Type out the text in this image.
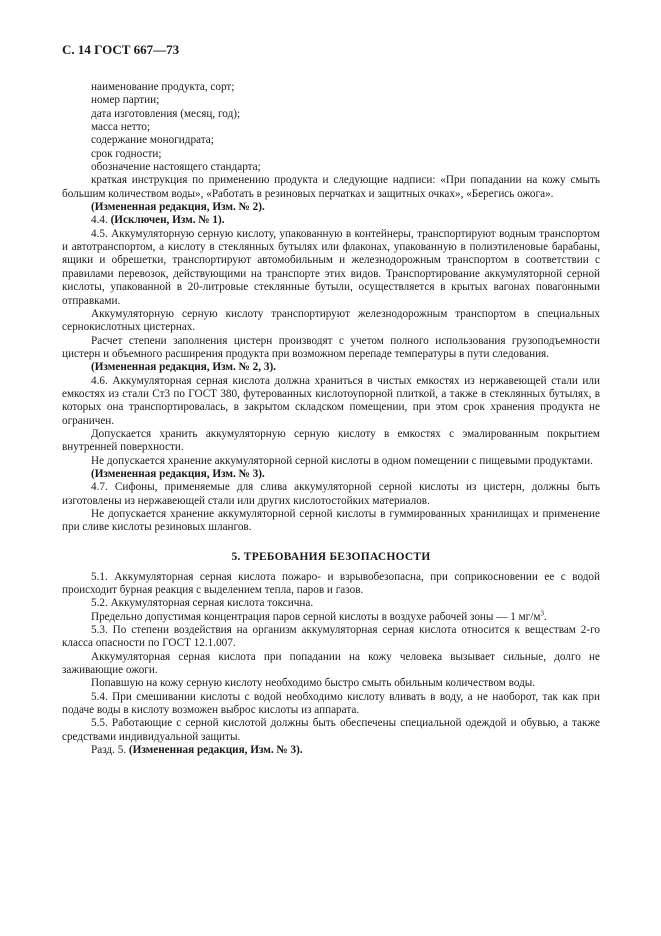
С. 14 ГОСТ 667—73

наименование продукта, сорт;

номер партии;

дата изготовления (месяц, год);

масса нетто;

содержание моногидрата;

срок годности;

обозначение настоящего стандарта;

краткая инструкция по применению продукта и следующие надписи: «При попадании на кожу смыть большим количеством воды», «Работать в резиновых перчатках и защитных очках», «Берегись ожога».

(Измененная редакция, Изм. № 2).

4.4. (Исключен, Изм. № 1).

4.5. Аккумуляторную серную кислоту, упакованную в контейнеры, транспортируют водным транспортом и автотранспортом, а кислоту в стеклянных бутылях или флаконах, упакованную в полиэтиленовые барабаны, ящики и обрешетки, транспортируют автомобильным и железнодорожным транспортом в соответствии с правилами перевозок, действующими на транспорте этих видов. Транспортирование аккумуляторной серной кислоты, упакованной в 20-литровые стеклянные бутыли, осуществляется в крытых вагонах повагонными отправками.

Аккумуляторную серную кислоту транспортируют железнодорожным транспортом в специальных сернокислотных цистернах.

Расчет степени заполнения цистерн производят с учетом полного использования грузоподъемности цистерн и объемного расширения продукта при возможном перепаде температуры в пути следования.

(Измененная редакция, Изм. № 2, 3).

4.6. Аккумуляторная серная кислота должна храниться в чистых емкостях из нержавеющей стали или емкостях из стали Ст3 по ГОСТ 380, футерованных кислотоупорной плиткой, а также в стеклянных бутылях, в которых она транспортировалась, в закрытом складском помещении, при этом срок хранения продукта не ограничен.

Допускается хранить аккумуляторную серную кислоту в емкостях с эмалированным покрытием внутренней поверхности.

Не допускается хранение аккумуляторной серной кислоты в одном помещении с пищевыми продуктами.

(Измененная редакция, Изм. № 3).

4.7. Сифоны, применяемые для слива аккумуляторной серной кислоты из цистерн, должны быть изготовлены из нержавеющей стали или других кислотостойких материалов.

Не допускается хранение аккумуляторной серной кислоты в гуммированных хранилищах и применение при сливе кислоты резиновых шлангов.

5. ТРЕБОВАНИЯ БЕЗОПАСНОСТИ

5.1. Аккумуляторная серная кислота пожаро- и взрывобезопасна, при соприкосновении ее с водой происходит бурная реакция с выделением тепла, паров и газов.

5.2. Аккумуляторная серная кислота токсична.

Предельно допустимая концентрация паров серной кислоты в воздухе рабочей зоны — 1 $мг/м^3$.

5.3. По степени воздействия на организм аккумуляторная серная кислота относится к веществам 2-го класса опасности по ГОСТ 12.1.007.

Аккумуляторная серная кислота при попадании на кожу человека вызывает сильные, долго не заживающие ожоги.

Попавшую на кожу серную кислоту необходимо быстро смыть обильным количеством воды.

5.4. При смешивании кислоты с водой необходимо кислоту вливать в воду, а не наоборот, так как при подаче воды в кислоту возможен выброс кислоты из аппарата.

5.5. Работающие с серной кислотой должны быть обеспечены специальной одеждой и обувью, а также средствами индивидуальной защиты.

Разд. 5. (Измененная редакция, Изм. № 3).
